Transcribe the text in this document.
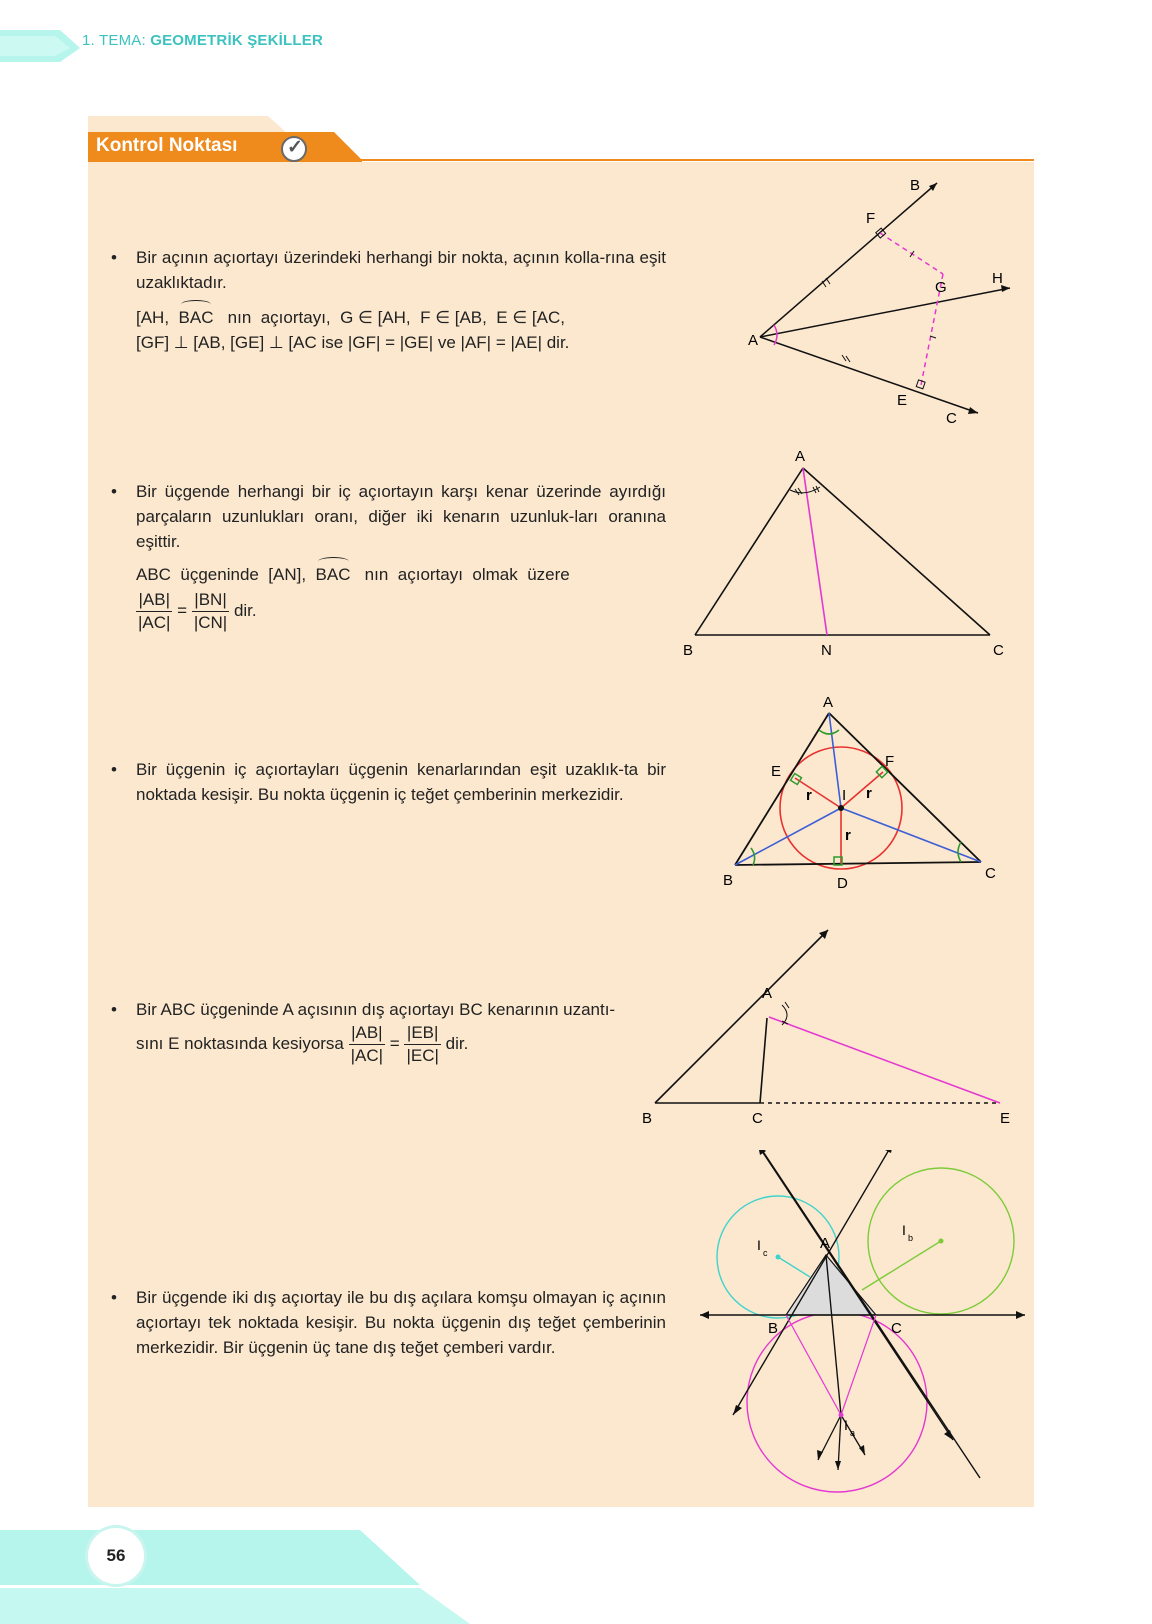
1. TEMA: GEOMETRİK ŞEKİLLER
Kontrol Noktası	✓
• Bir açının açıortayı üzerindeki herhangi bir nokta, açının kolla-rına eşit uzaklıktadır.
[AH,  BAC   nın  açıortayı,  G ∈ [AH,  F ∈ [AB,  E ∈ [AC,
[GF] ⊥ [AB, [GE] ⊥ [AC ise |GF| = |GE| ve |AF| = |AE| dir.	A
B
F
G
H
E
C
• Bir üçgende herhangi bir iç açıortayın karşı kenar üzerinde ayırdığı parçaların uzunlukları oranı, diğer iki kenarın uzunluk-ları oranına eşittir.
ABC  üçgeninde  [AN],  BAC   nın  açıortayı  olmak  üzere
$\frac{|AB|}{|AC|} = \frac{|BN|}{|CN|}$ dir.
A
B	N	C
• Bir üçgenin iç açıortayları üçgenin kenarlarından eşit uzaklık-ta bir noktada kesişir. Bu nokta üçgenin iç teğet çemberinin merkezidir.
A
B	C
D
E
F
I
r	r
r
• Bir ABC üçgeninde A açısının dış açıortayı BC kenarının uzantı-
sını E noktasında kesiyorsa $\frac{|AB|}{|AC|} = \frac{|EB|}{|EC|}$ dir.
A
B	C	E
• Bir üçgende iki dış açıortay ile bu dış açılara komşu olmayan iç açının açıortayı tek noktada kesişir. Bu nokta üçgenin dış teğet çemberinin merkezidir. Bir üçgenin üç tane dış teğet çemberi vardır.
A
B	C
I c
I b
I a
56
